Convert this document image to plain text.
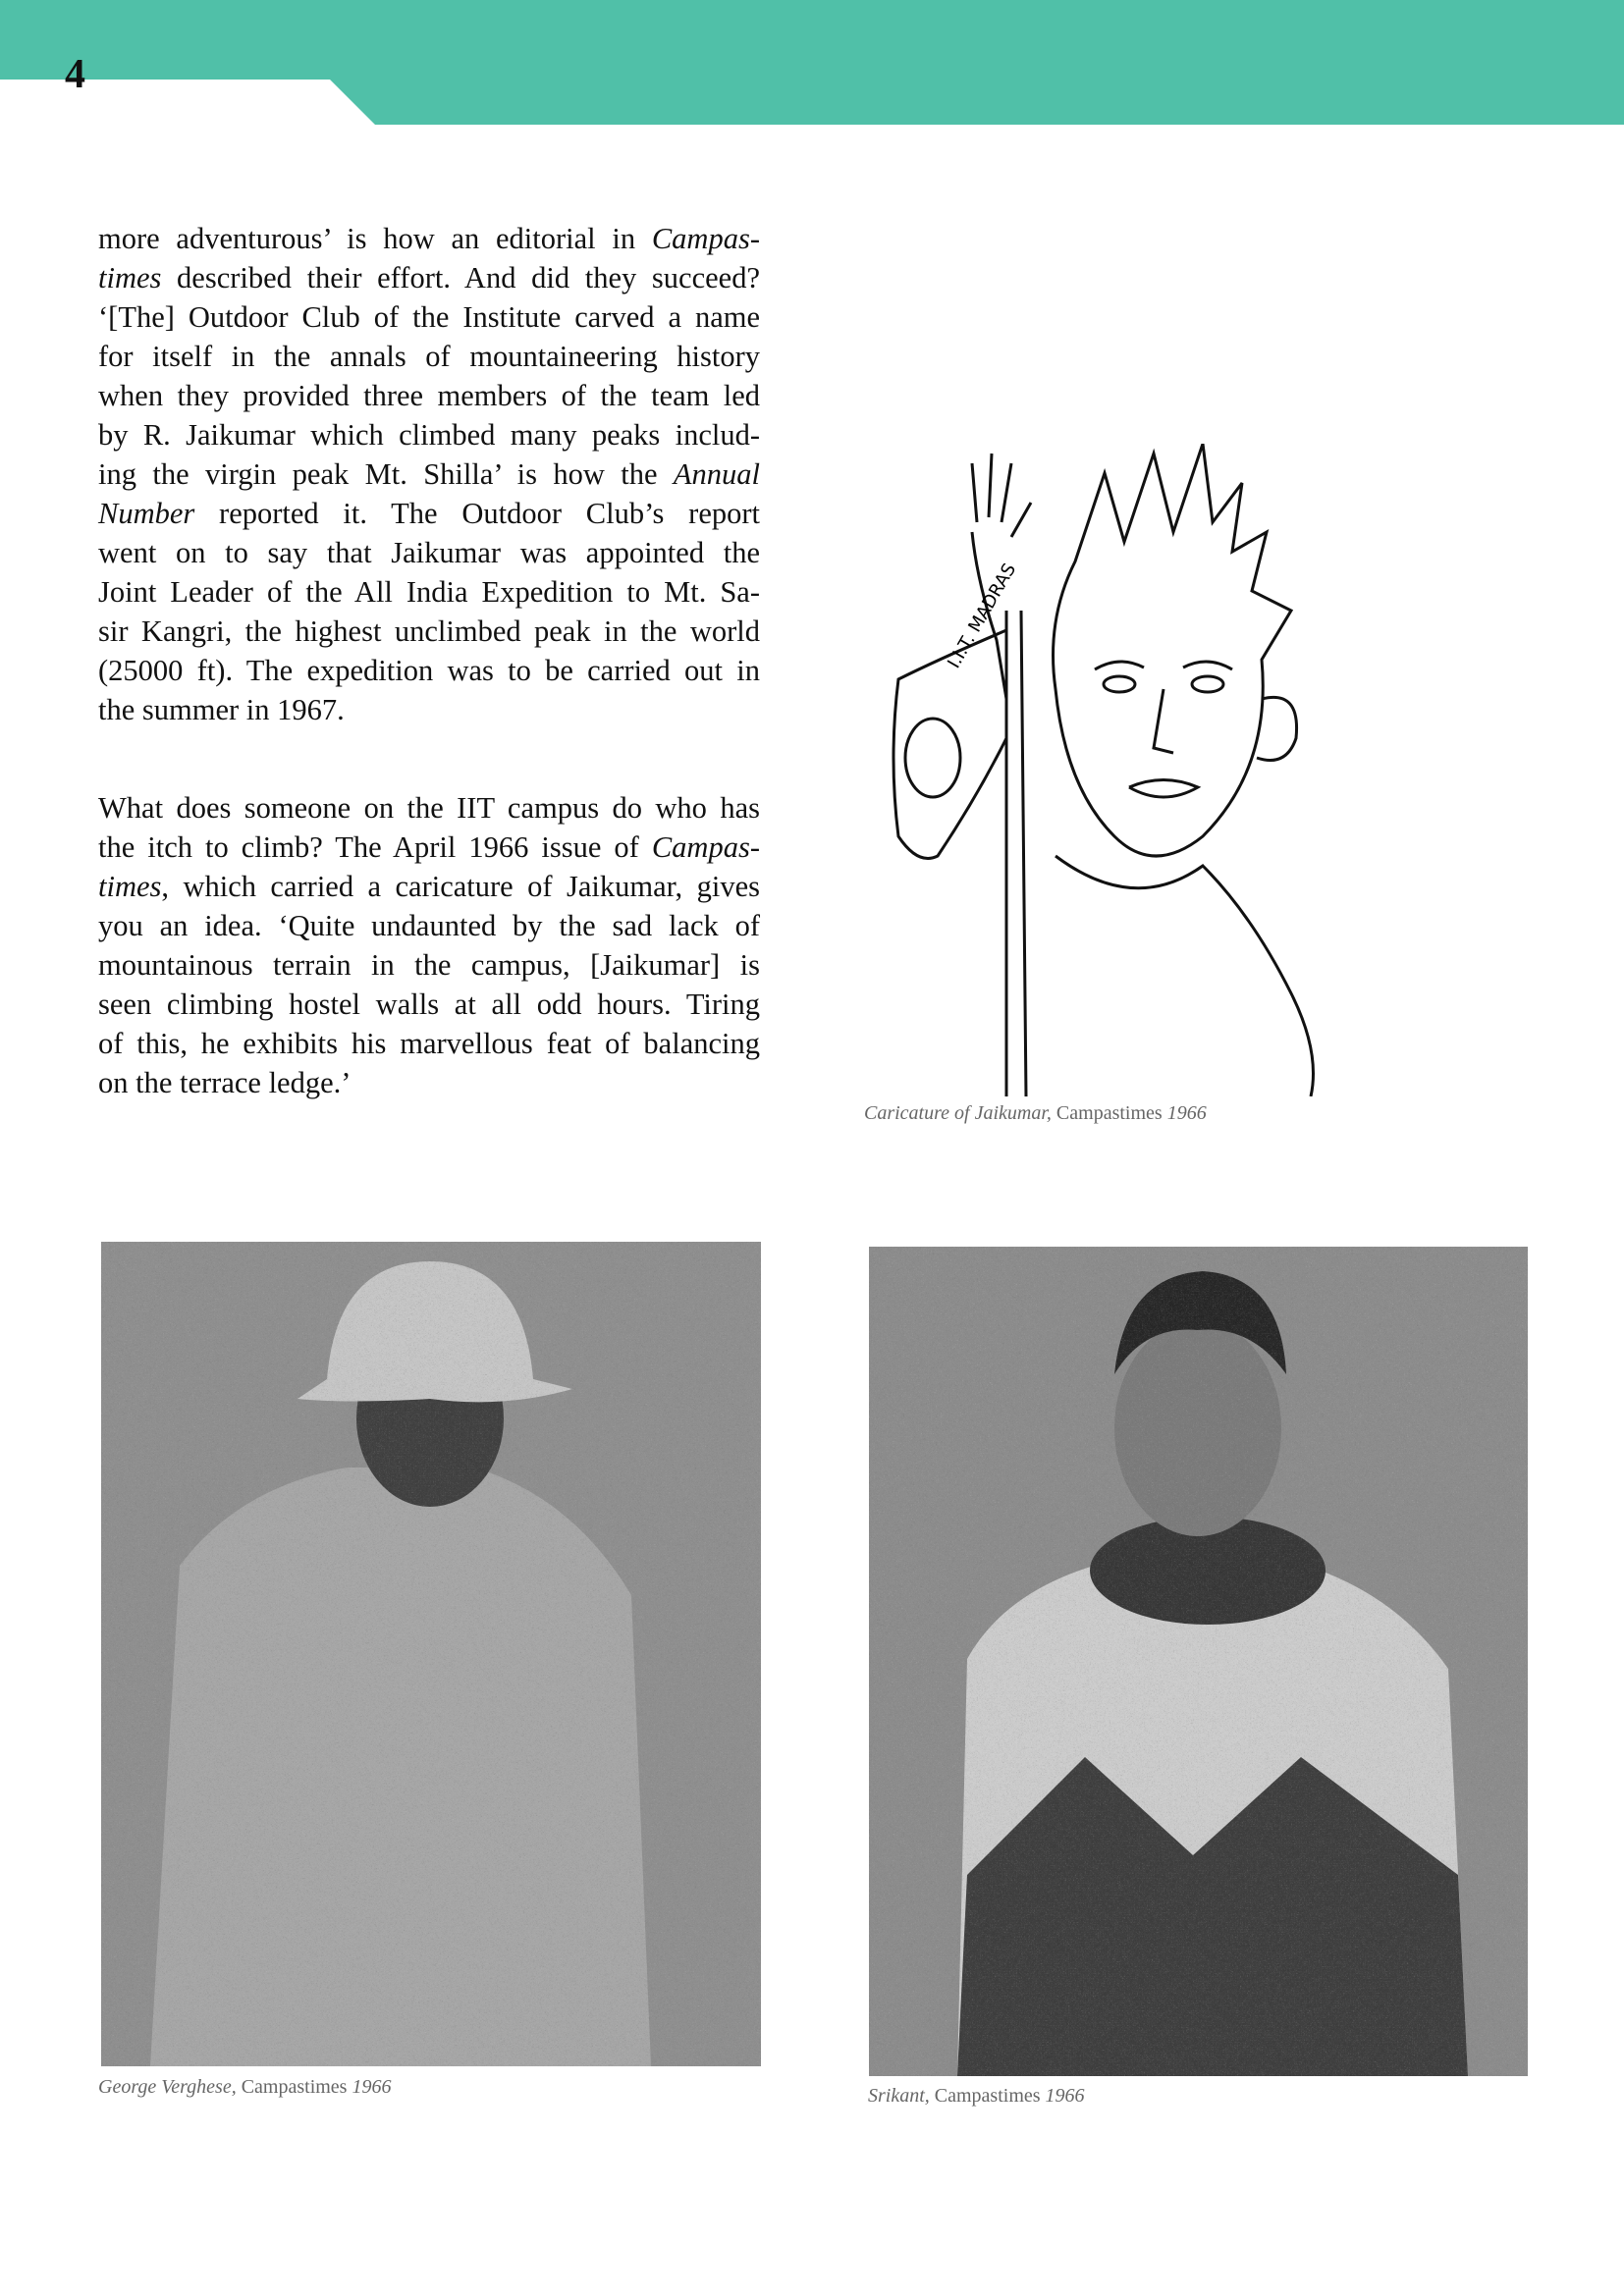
4
more adventurous’ is how an editorial in Campas-
times described their effort. And did they succeed?
‘[The] Outdoor Club of the Institute carved a name
for itself in the annals of mountaineering history
when they provided three members of the team led
by R. Jaikumar which climbed many peaks includ-
ing the virgin peak Mt. Shilla’ is how the Annual
Number reported it. The Outdoor Club’s report
went on to say that Jaikumar was appointed the
Joint Leader of the All India Expedition to Mt. Sa-
sir Kangri, the highest unclimbed peak in the world
(25000 ft). The expedition was to be carried out in
the summer in 1967.
What does someone on the IIT campus do who has
the itch to climb? The April 1966 issue of Campas-
times, which carried a caricature of Jaikumar, gives
you an idea. ‘Quite undaunted by the sad lack of
mountainous terrain in the campus, [Jaikumar] is
seen climbing hostel walls at all odd hours. Tiring
of this, he exhibits his marvellous feat of balancing
on the terrace ledge.’
I.I.T. MADRAS
Caricature of Jaikumar, Campastimes 1966
George Verghese, Campastimes 1966	Srikant, Campastimes 1966
